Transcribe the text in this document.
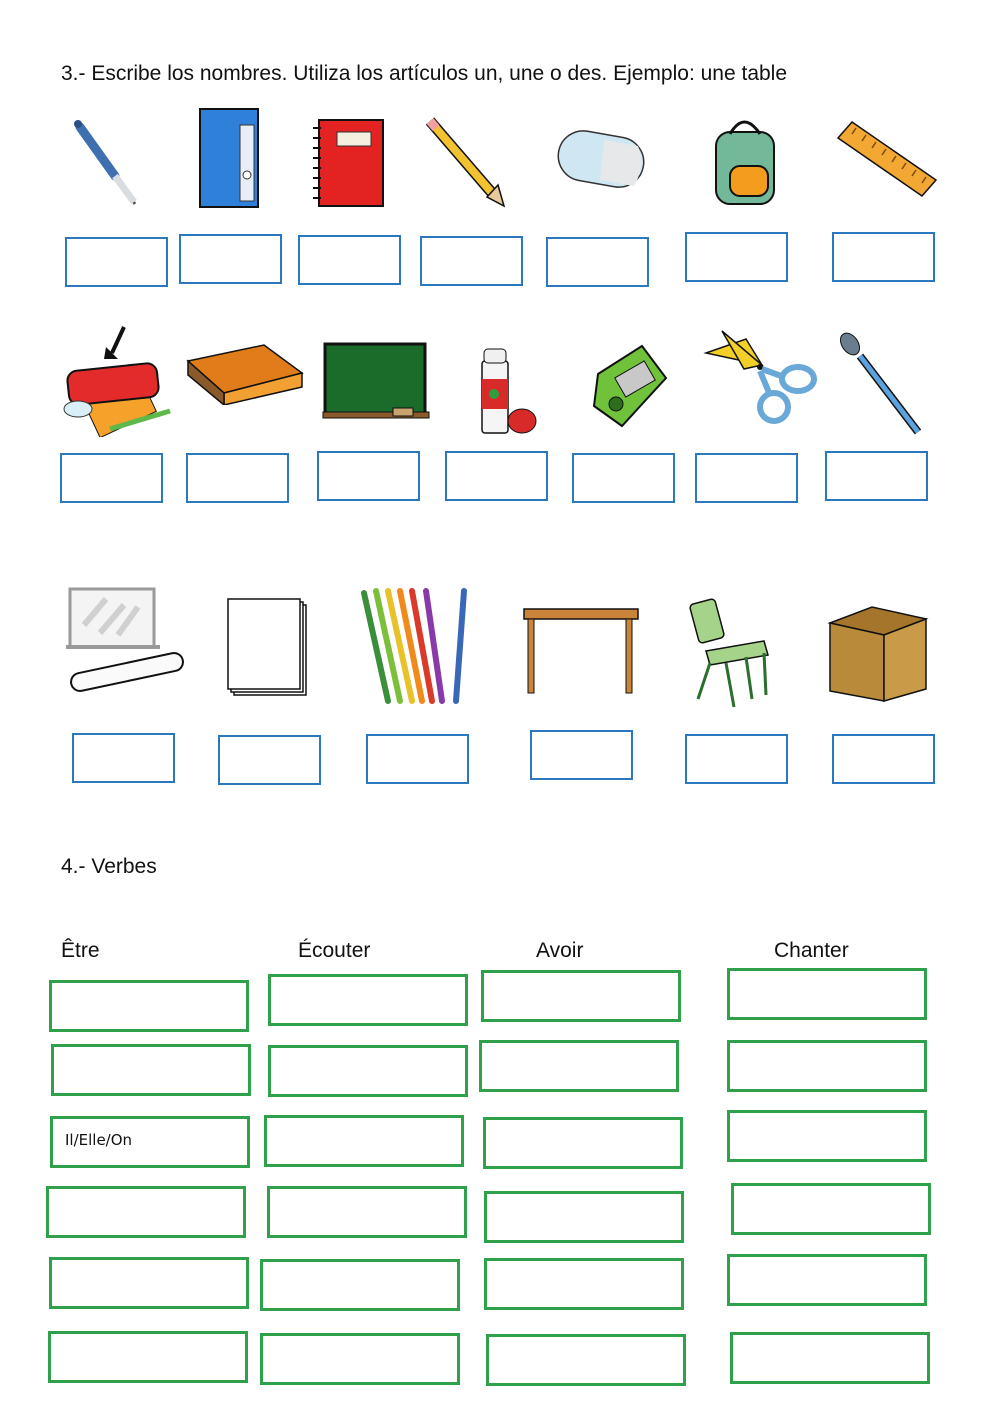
3.- Escribe los nombres. Utiliza los artículos un, une o des. Ejemplo: une table
4.- Verbes
Être	Écouter	Avoir	Chanter
Il/Elle/On
